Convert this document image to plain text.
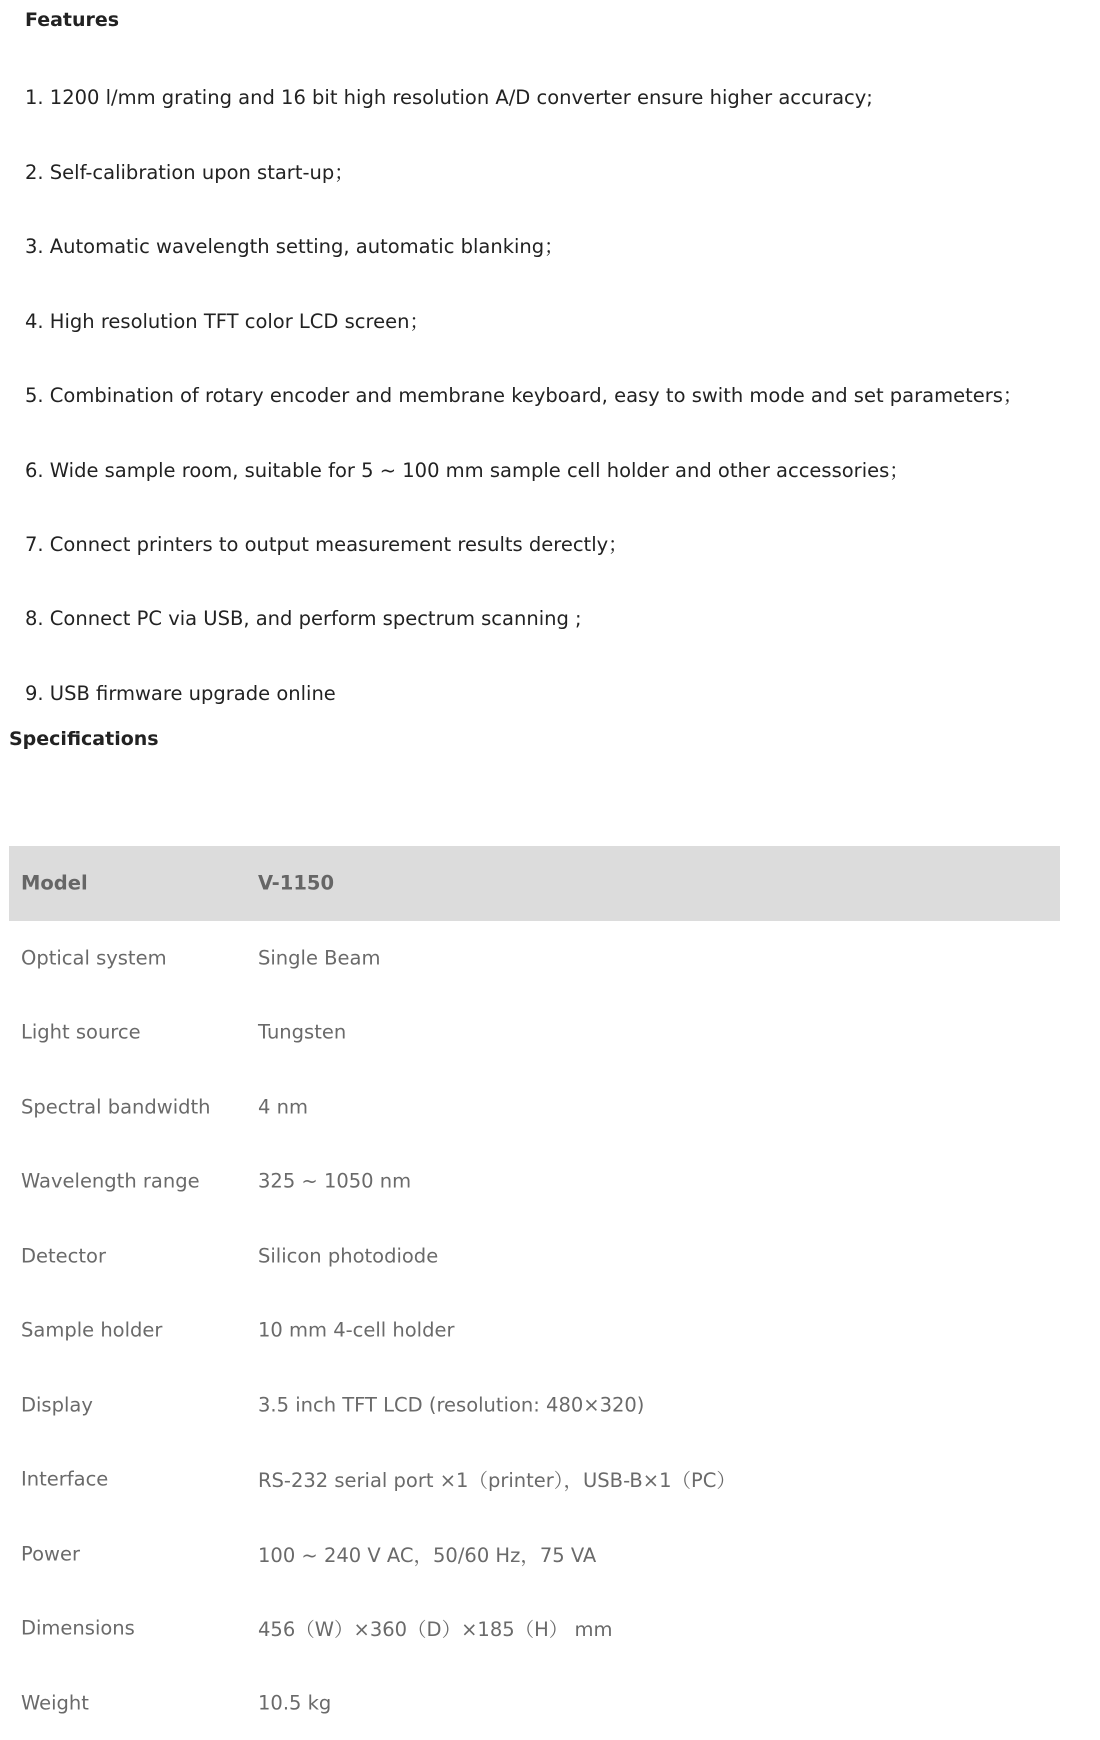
Features
1. 1200 l/mm grating and 16 bit high resolution A/D converter ensure higher accuracy;
2. Self-calibration upon start-up；
3. Automatic wavelength setting, automatic blanking；
4. High resolution TFT color LCD screen；
5. Combination of rotary encoder and membrane keyboard, easy to swith mode and set parameters；
6. Wide sample room, suitable for 5 ~ 100 mm sample cell holder and other accessories；
7. Connect printers to output measurement results derectly；
8. Connect PC via USB, and perform spectrum scanning ;
9. USB firmware upgrade online
Specifications
Model	V-1150
Optical system	Single Beam
Light source	Tungsten
Spectral bandwidth 4 nm
Wavelength range	325 ~ 1050 nm
Detector	Silicon photodiode
Sample holder	10 mm 4-cell holder
Display	3.5 inch TFT LCD (resolution: 480×320)
Interface	RS-232 serial port ×1（printer），USB-B×1（PC）
Power	100 ~ 240 V AC，50/60 Hz，75 VA
Dimensions	456（W）×360（D）×185（H） mm
Weight	10.5 kg
